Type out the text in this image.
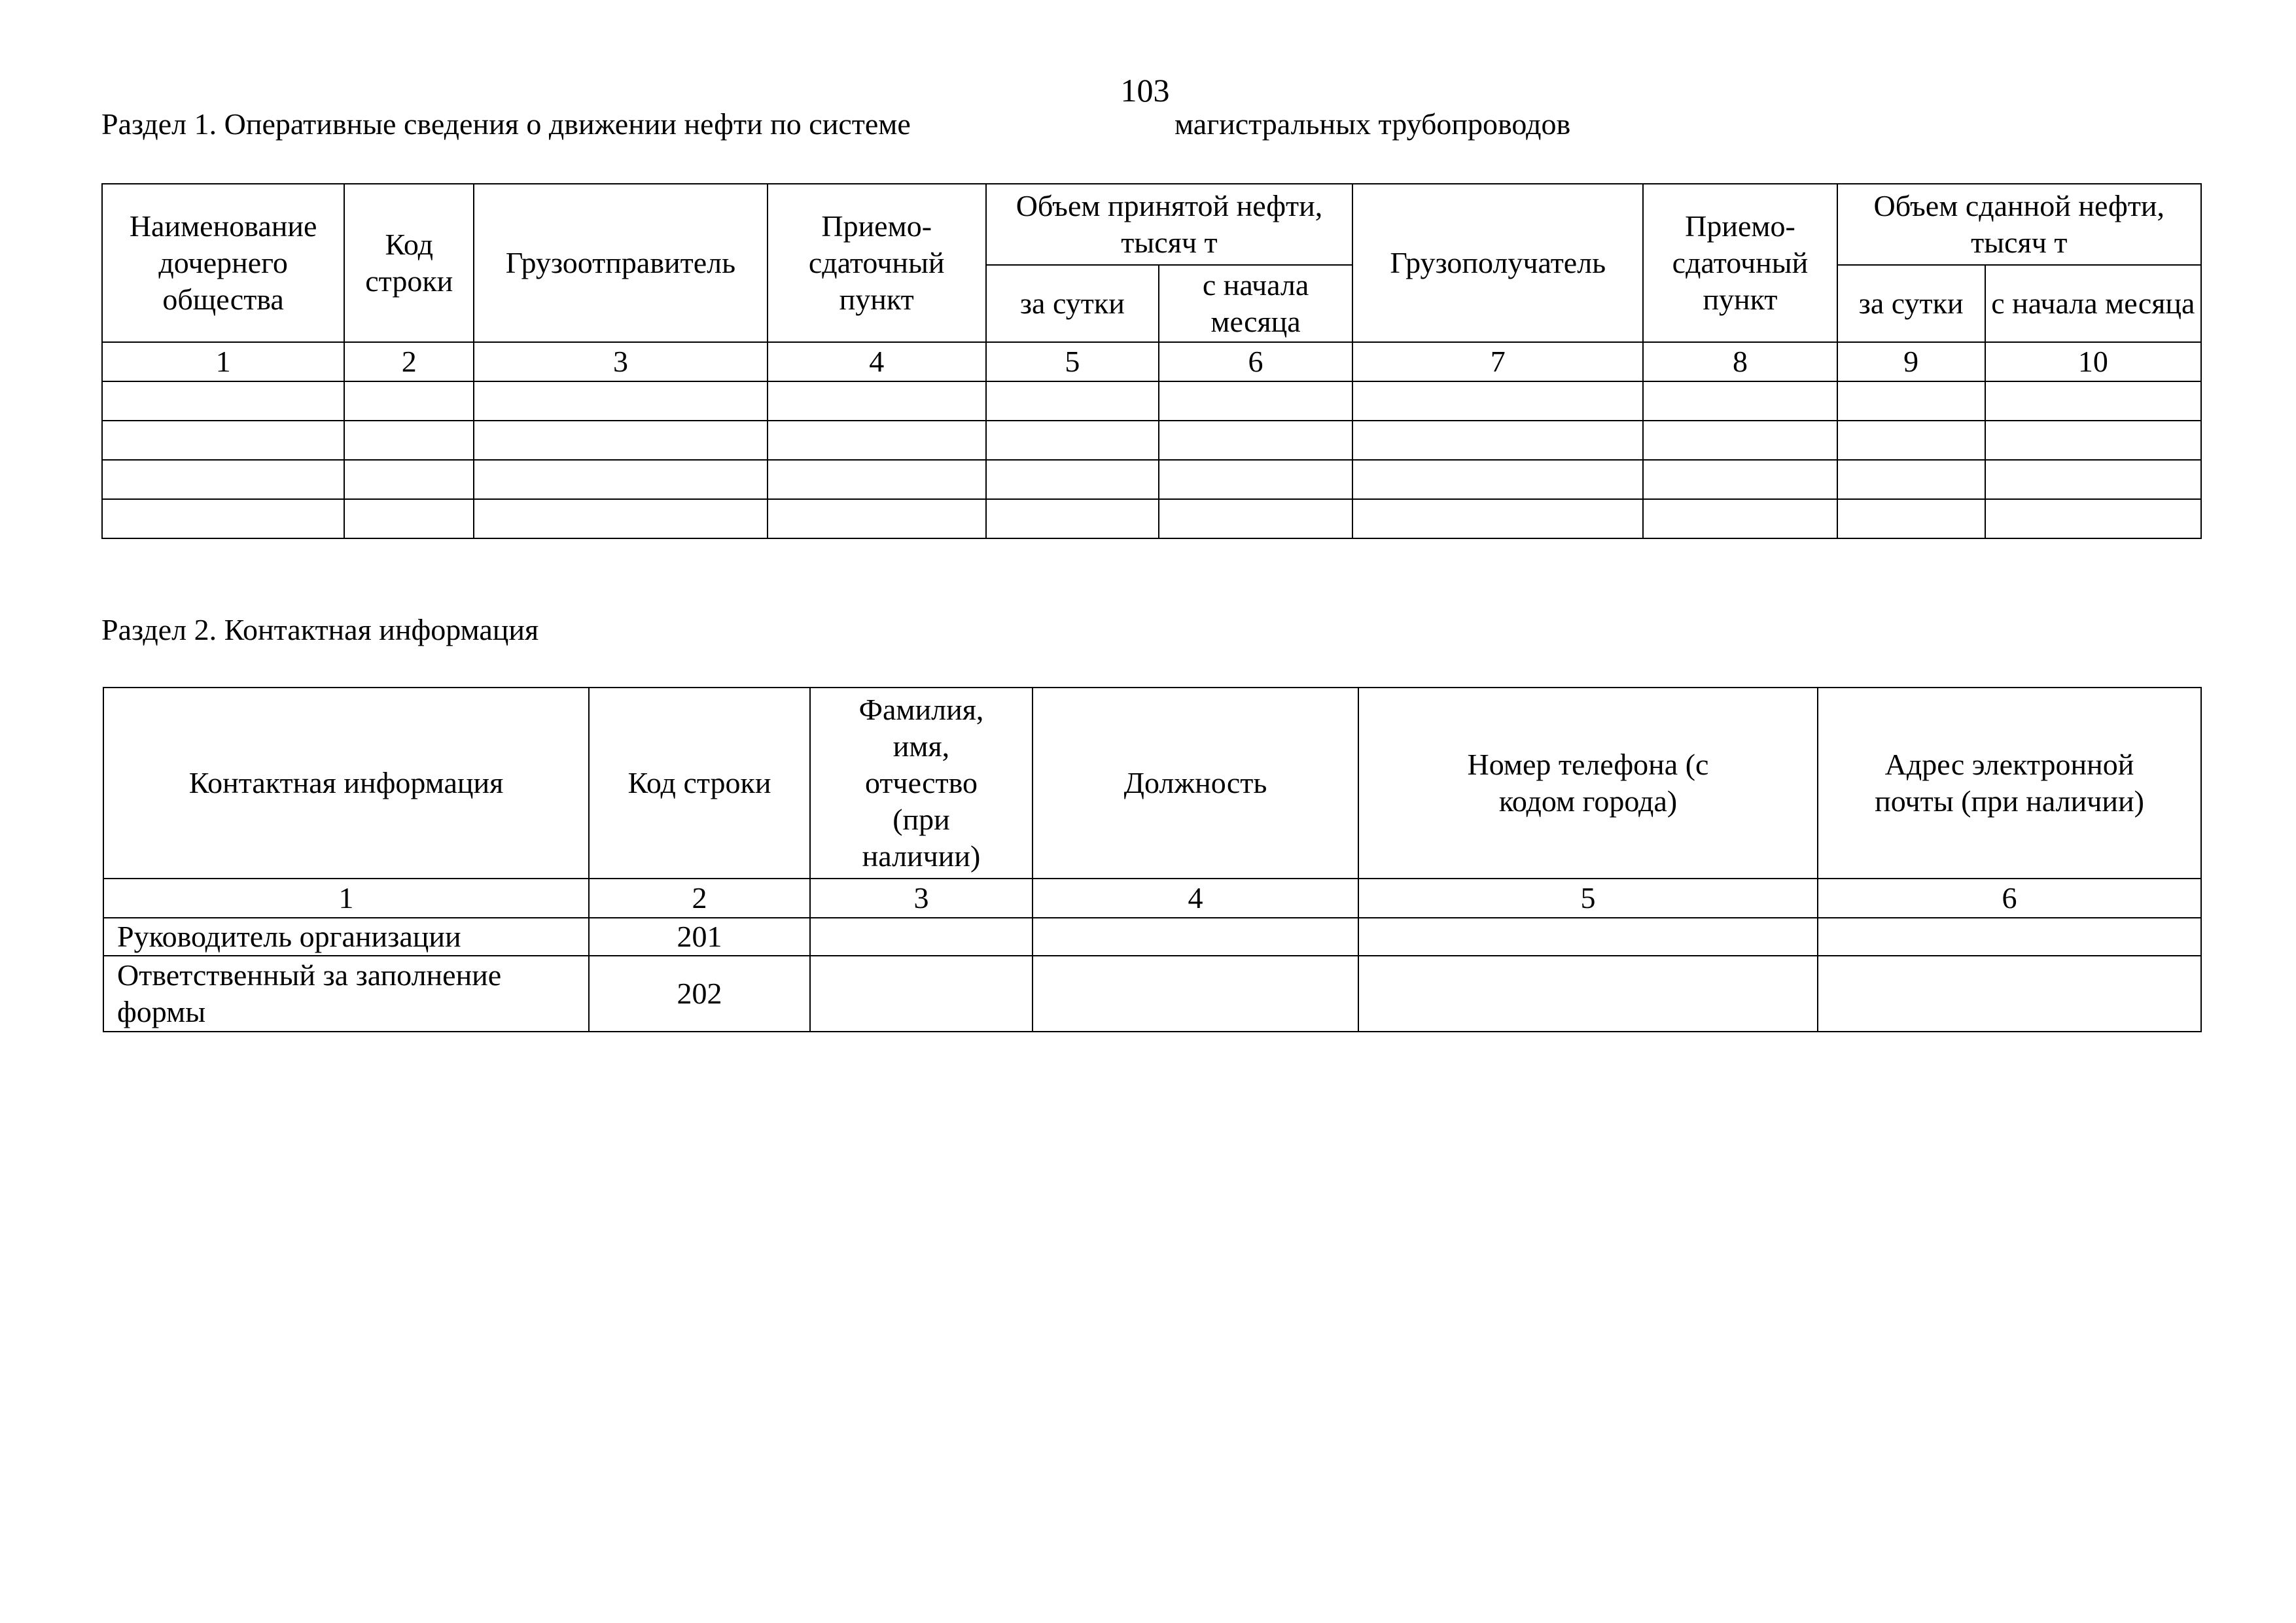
103
Раздел 1. Оперативные сведения о движении нефти по системе	магистральных трубопроводов
Наименование дочернего общества	Код строки	Грузоотправитель	Приемо-сдаточный пункт	Объем принятой нефти, тысяч т		Грузополучатель	Приемо-сдаточный пункт	Объем сданной нефти, тысяч т	
				за сутки	с начала месяца			за сутки	с начала месяца
1	2	3	4	5	6	7	8	9	10

Раздел 2. Контактная информация
Контактная информация	Код строки	Фамилия, имя, отчество (при наличии)	Должность	Номер телефона (с кодом города)	Адрес электронной почты (при наличии)
1	2	3	4	5	6
Руководитель организации	201				
Ответственный за заполнение формы	202				
